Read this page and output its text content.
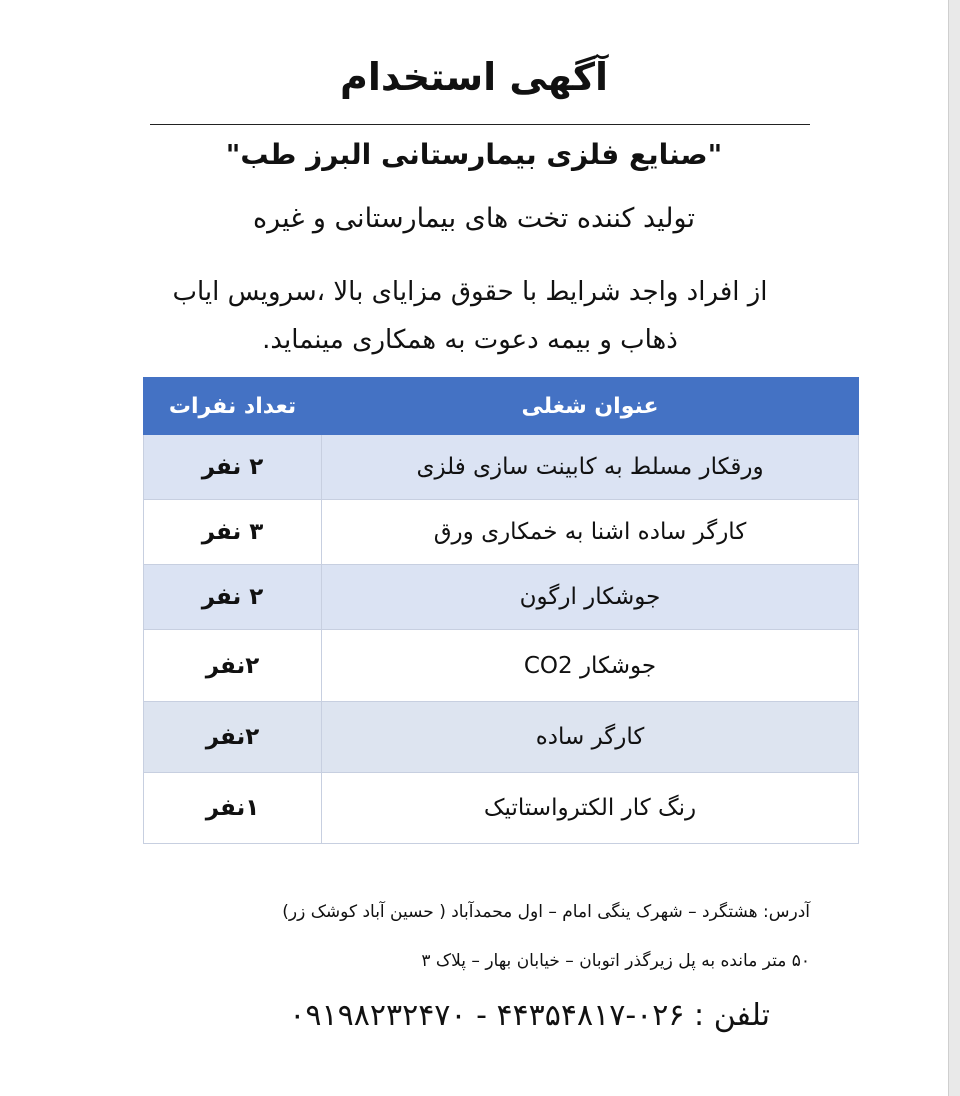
آگهی استخدام
"صنایع فلزی بیمارستانی البرز طب"
تولید کننده تخت های بیمارستانی و غیره
از افراد واجد شرایط با حقوق مزایای بالا ،سرویس ایاب
ذهاب و بیمه دعوت به همکاری مینماید.
عنوان شغلی	تعداد نفرات
ورقکار مسلط به کابینت سازی فلزی	۲ نفر
کارگر ساده اشنا به خمکاری ورق	۳ نفر
جوشکار ارگون	۲ نفر
جوشکار CO2	۲نفر
کارگر ساده	۲نفر
رنگ کار الکترواستاتیک	۱نفر
آدرس: هشتگرد – شهرک ینگی امام – اول محمدآباد ( حسین آباد کوشک زر)
۵۰ متر مانده به پل زیرگذر اتوبان – خیابان بهار – پلاک ۳
تلفن : ۰۲۶-۴۴۳۵۴۸۱۷ - ۰۹۱۹۸۲۳۲۴۷۰
